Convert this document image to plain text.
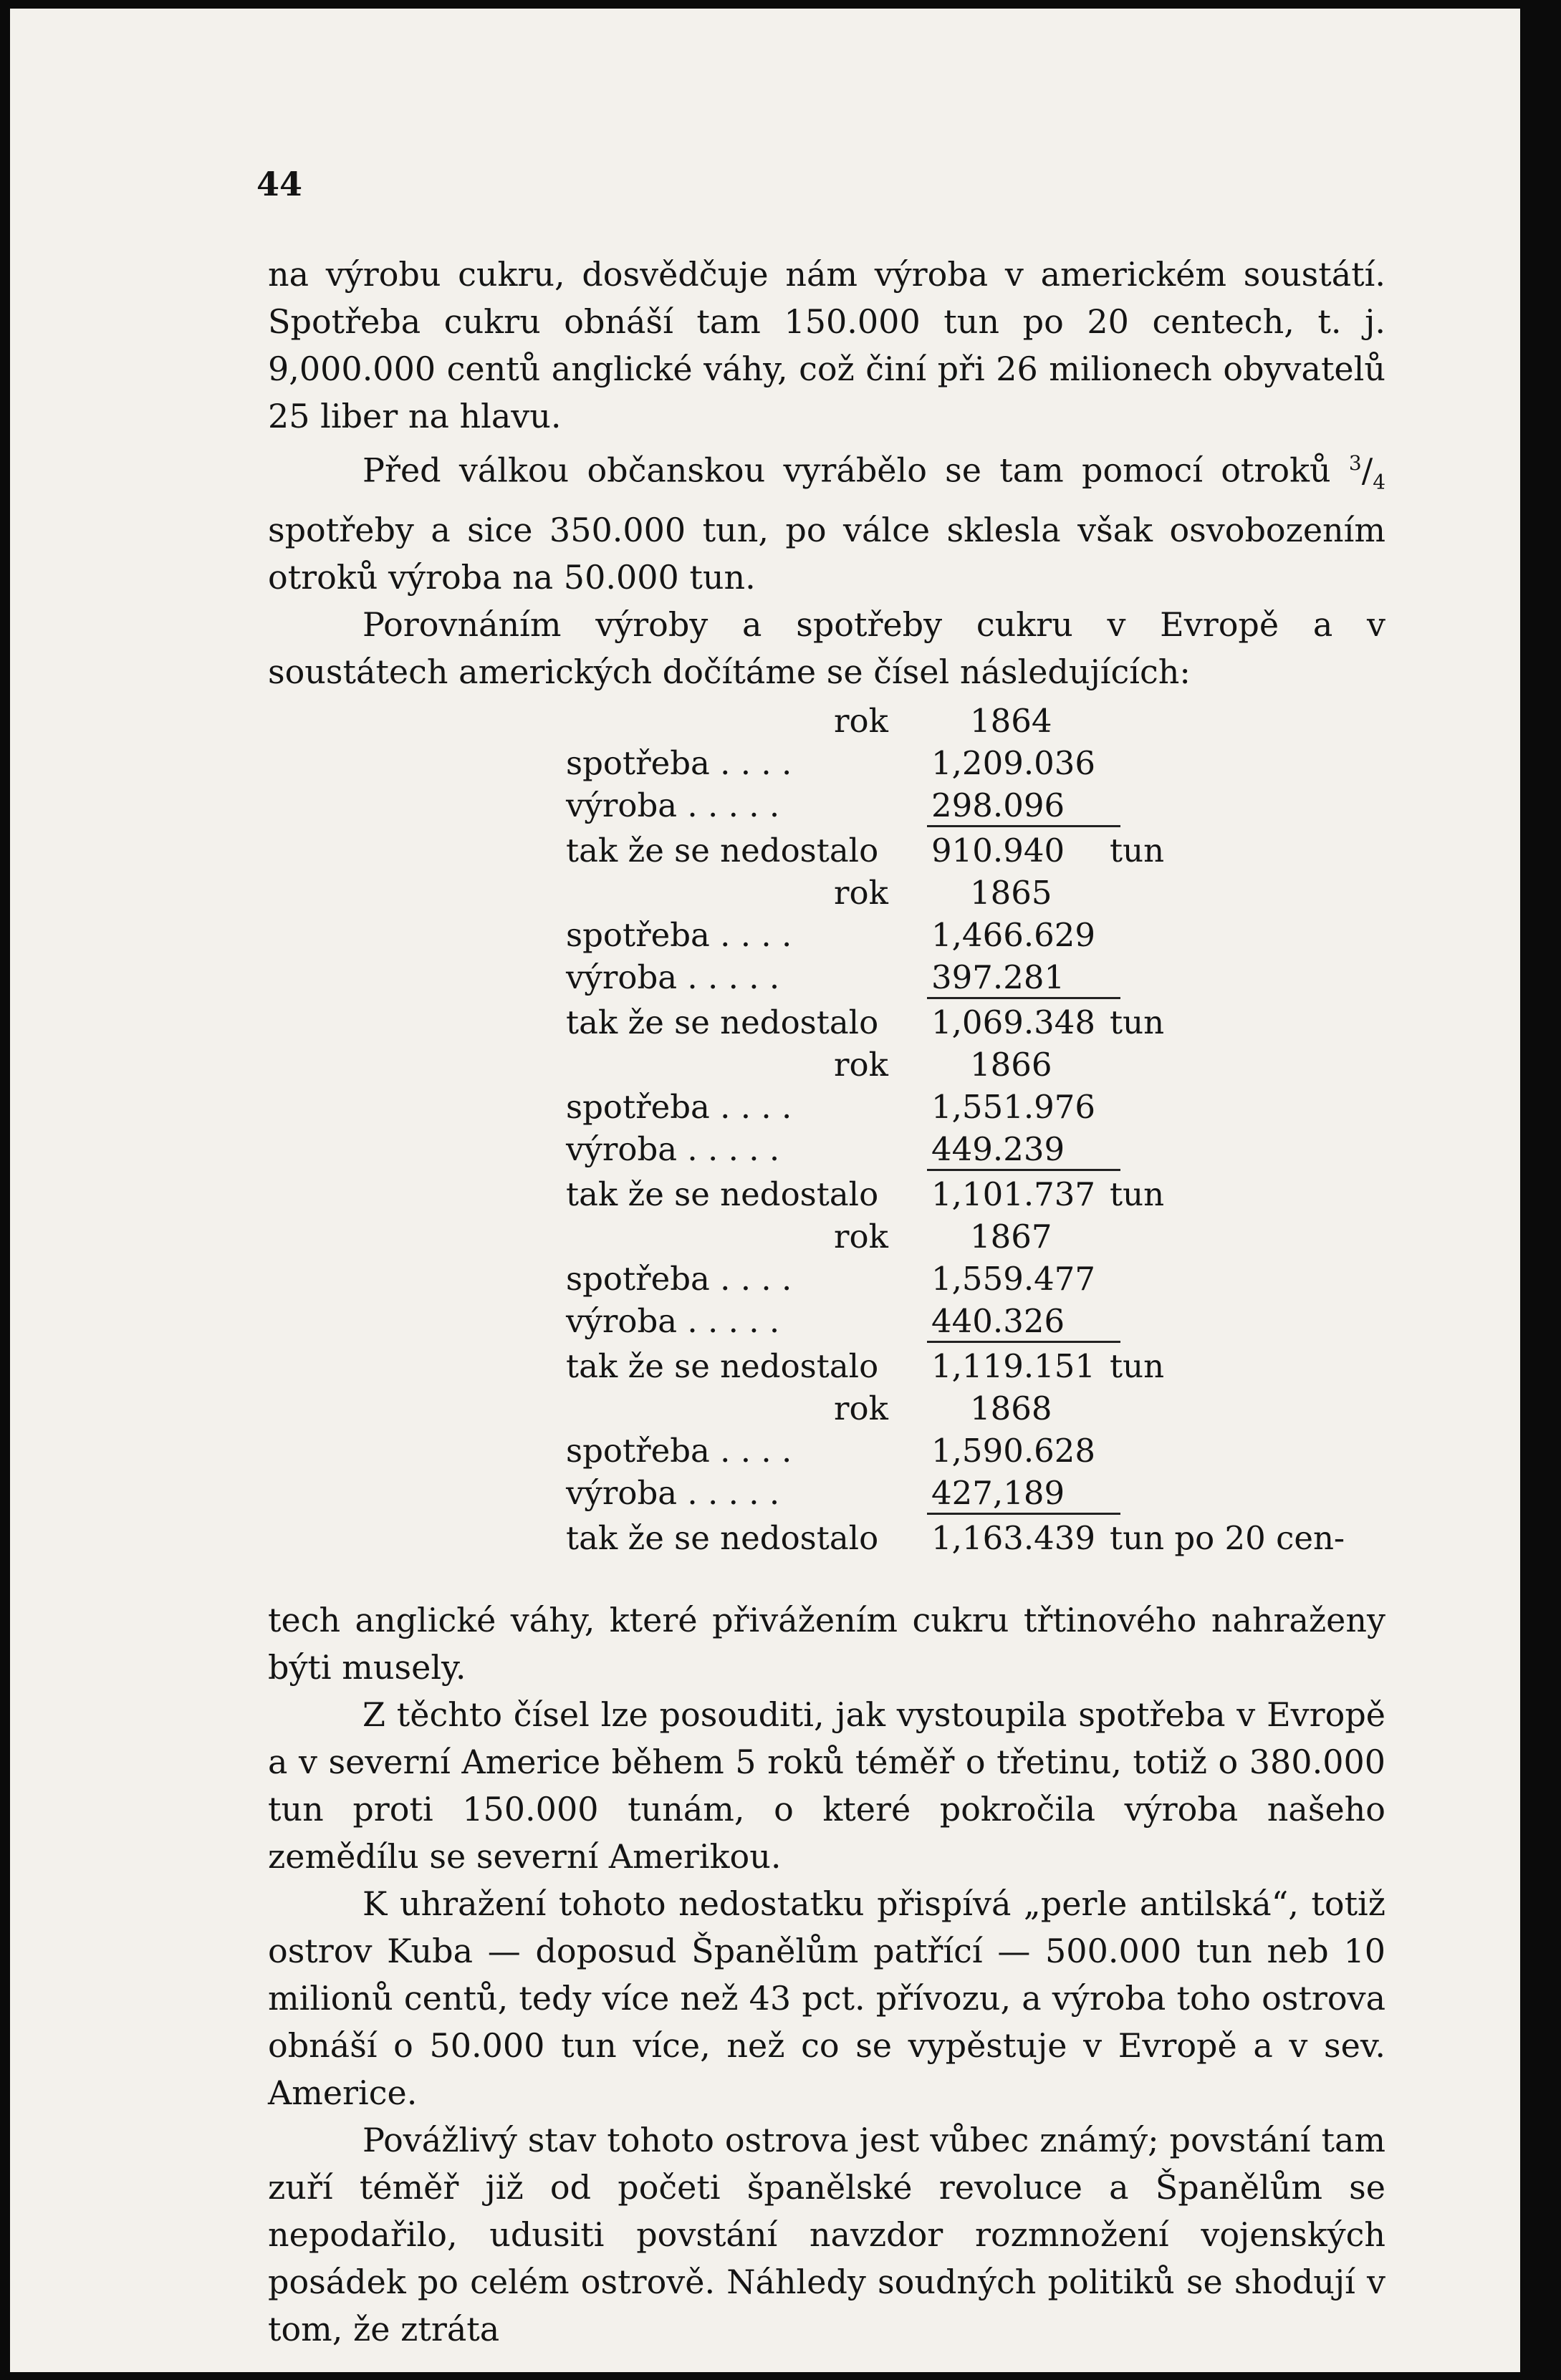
44

na výrobu cukru, dosvědčuje nám výroba v americkém soustátí. Spotřeba cukru obnáší tam 150.000 tun po 20 centech, t. j. 9,000.000 centů anglické váhy, což činí při 26 milionech obyvatelů 25 liber na hlavu.

Před válkou občanskou vyrábělo se tam pomocí otroků $^3/_4$ spotřeby a sice 350.000 tun, po válce sklesla však osvobozením otroků výroba na 50.000 tun.

Porovnáním výroby a spotřeby cukru v Evropě a v soustátech amerických dočítáme se čísel následujících:

rok	1864
spotřeba . . . .	1,209.036
výroba . . . . .	298.096
tak že se nedostalo 910.940 tun
rok	1865
spotřeba . . . .	1,466.629
výroba . . . . .	397.281
tak že se nedostalo 1,069.348 tun
rok	1866
spotřeba . . . .	1,551.976
výroba . . . . .	449.239
tak že se nedostalo 1,101.737 tun
rok	1867
spotřeba . . . .	1,559.477
výroba . . . . .	440.326
tak že se nedostalo 1,119.151 tun
rok	1868
spotřeba . . . .	1,590.628
výroba . . . . .	427,189
tak že se nedostalo 1,163.439 tun po 20 cen-

tech anglické váhy, které přivážením cukru třtinového nahraženy býti musely.

Z těchto čísel lze posouditi, jak vystoupila spotřeba v Evropě a v severní Americe během 5 roků téměř o třetinu, totiž o 380.000 tun proti 150.000 tunám, o které pokročila výroba našeho zemědílu se severní Amerikou.

K uhražení tohoto nedostatku přispívá „perle antilská“, totiž ostrov Kuba — doposud Španělům patřící — 500.000 tun neb 10 milionů centů, tedy více než 43 pct. přívozu, a výroba toho ostrova obnáší o 50.000 tun více, než co se vypěstuje v Evropě a v sev. Americe.

Povážlivý stav tohoto ostrova jest vůbec známý; povstání tam zuří téměř již od početi španělské revoluce a Španělům se nepodařilo, udusiti povstání navzdor rozmnožení vojenských posádek po celém ostrově. Náhledy soudných politiků se shodují v tom, že ztráta
